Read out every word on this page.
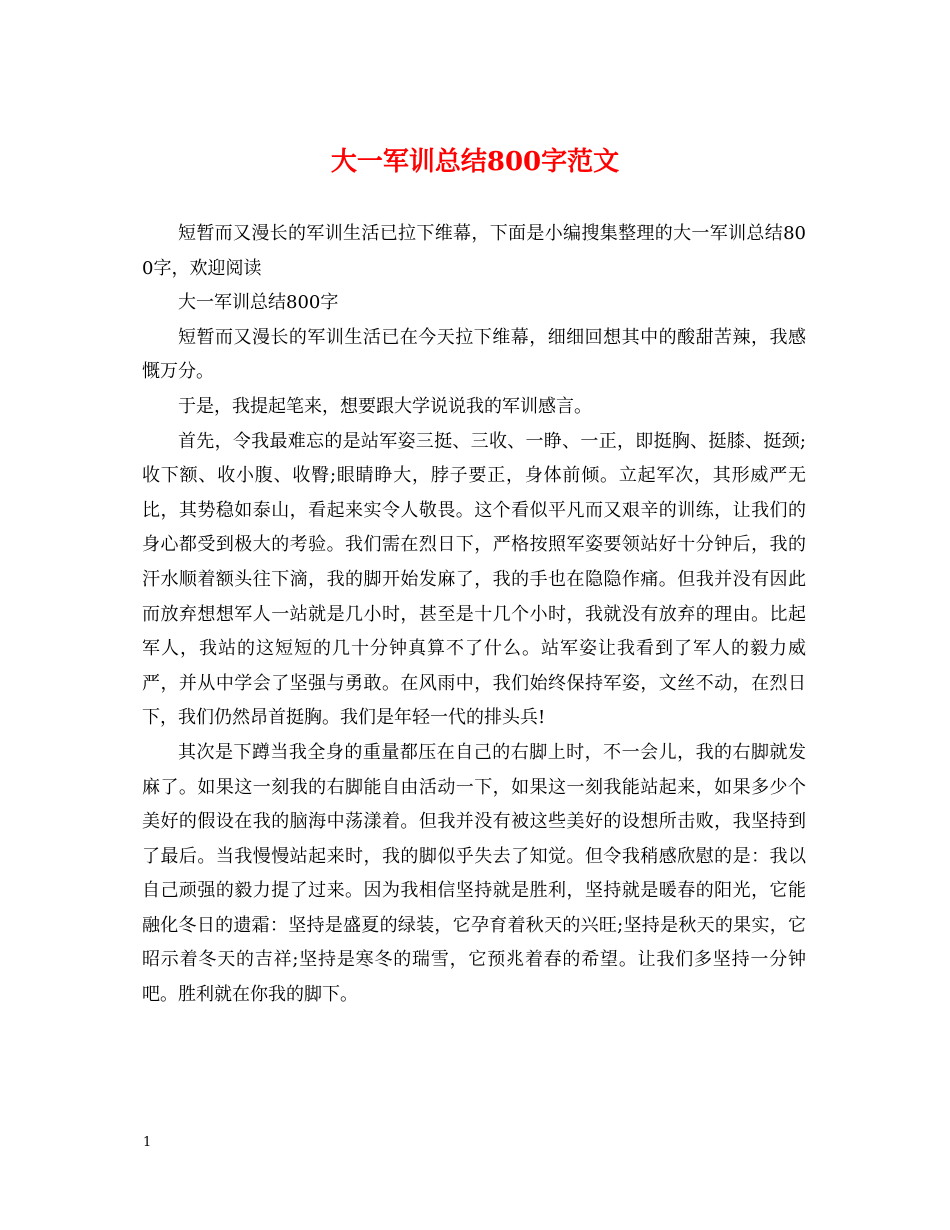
大一军训总结800字范文

短暂而又漫长的军训生活已拉下维幕，下面是小编搜集整理的大一军训总结800字，欢迎阅读

大一军训总结800字

短暂而又漫长的军训生活已在今天拉下维幕，细细回想其中的酸甜苦辣，我感慨万分。

于是，我提起笔来，想要跟大学说说我的军训感言。

首先，令我最难忘的是站军姿三挺、三收、一睁、一正，即挺胸、挺膝、挺颈;收下额、收小腹、收臀;眼睛睁大，脖子要正，身体前倾。立起军次，其形威严无比，其势稳如泰山，看起来实令人敬畏。这个看似平凡而又艰辛的训练，让我们的身心都受到极大的考验。我们需在烈日下，严格按照军姿要领站好十分钟后，我的汗水顺着额头往下滴，我的脚开始发麻了，我的手也在隐隐作痛。但我并没有因此而放弃想想军人一站就是几小时，甚至是十几个小时，我就没有放弃的理由。比起军人，我站的这短短的几十分钟真算不了什么。站军姿让我看到了军人的毅力威严，并从中学会了坚强与勇敢。在风雨中，我们始终保持军姿，文丝不动，在烈日下，我们仍然昂首挺胸。我们是年轻一代的排头兵!

其次是下蹲当我全身的重量都压在自己的右脚上时，不一会儿，我的右脚就发麻了。如果这一刻我的右脚能自由活动一下，如果这一刻我能站起来，如果多少个美好的假设在我的脑海中荡漾着。但我并没有被这些美好的设想所击败，我坚持到了最后。当我慢慢站起来时，我的脚似乎失去了知觉。但令我稍感欣慰的是：我以自己顽强的毅力提了过来。因为我相信坚持就是胜利，坚持就是暖春的阳光，它能融化冬日的遗霜：坚持是盛夏的绿装，它孕育着秋天的兴旺;坚持是秋天的果实，它昭示着冬天的吉祥;坚持是寒冬的瑞雪，它预兆着春的希望。让我们多坚持一分钟吧。胜利就在你我的脚下。

1
